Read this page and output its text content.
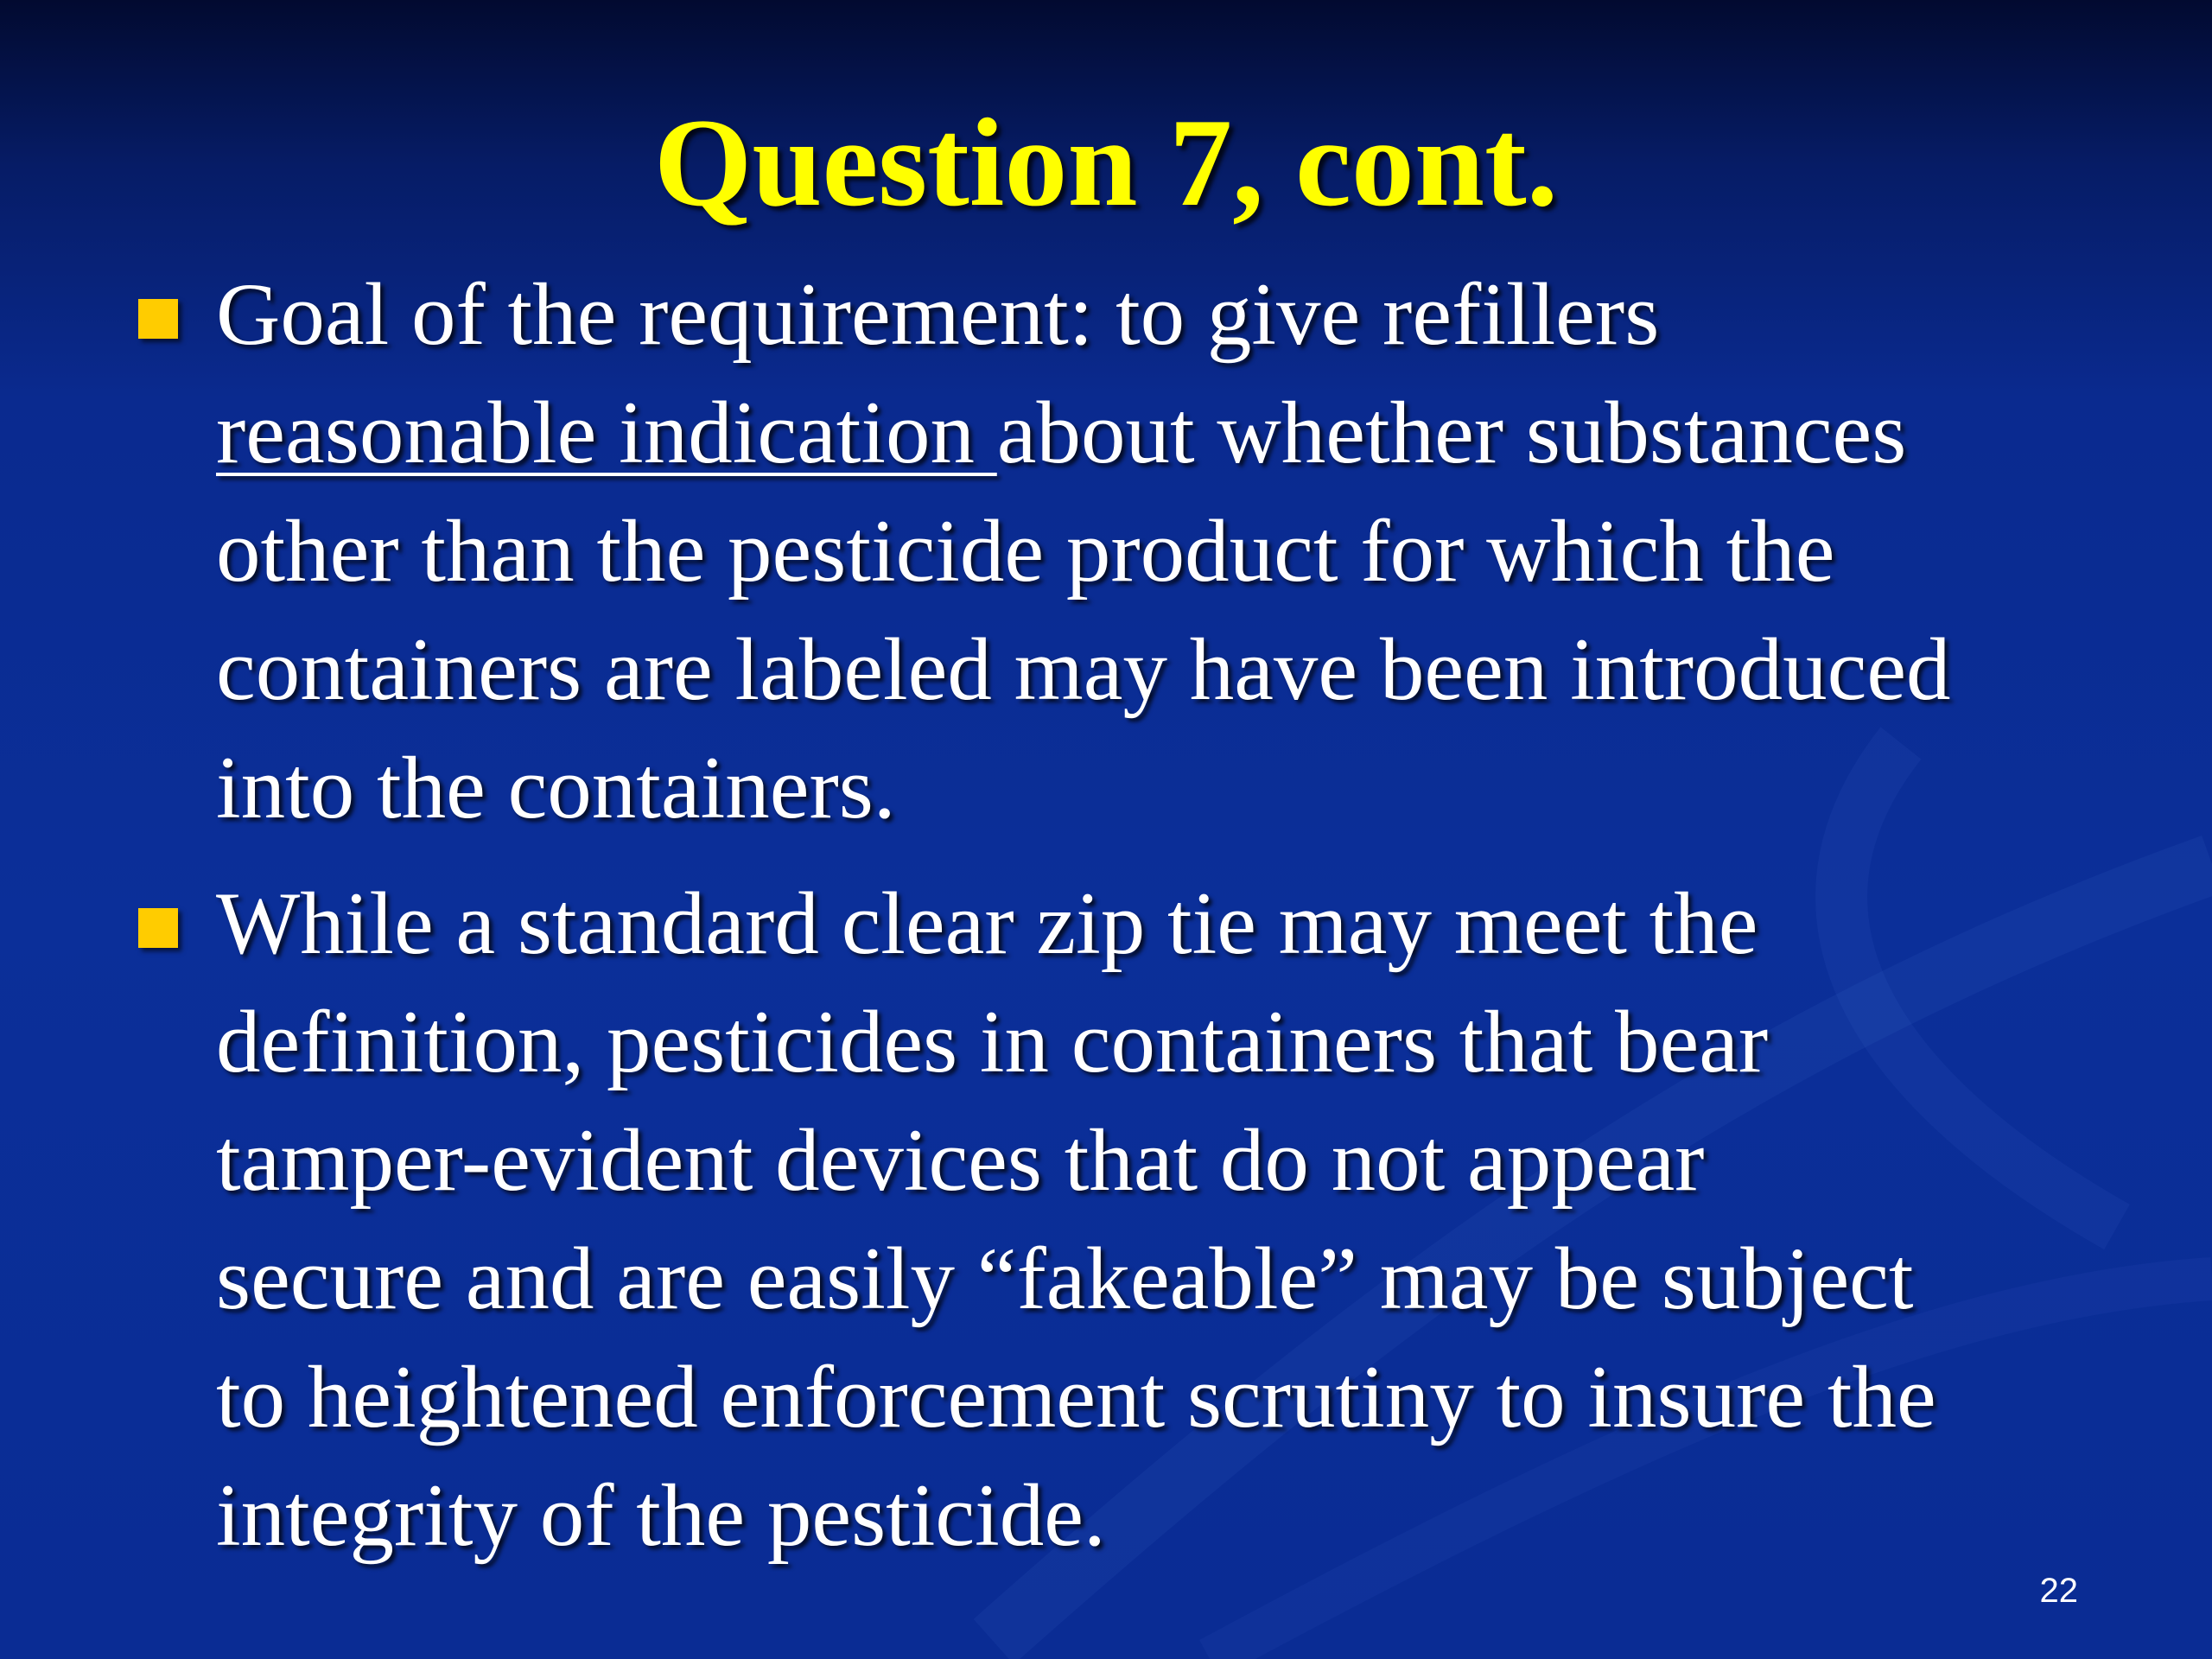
Question 7, cont.
Goal of the requirement: to give refillers
reasonable indication about whether substances
other than the pesticide product for which the
containers are labeled may have been introduced
into the containers.
While a standard clear zip tie may meet the
definition, pesticides in containers that bear
tamper-evident devices that do not appear
secure and are easily “fakeable” may be subject
to heightened enforcement scrutiny to insure the
integrity of the pesticide.
22
